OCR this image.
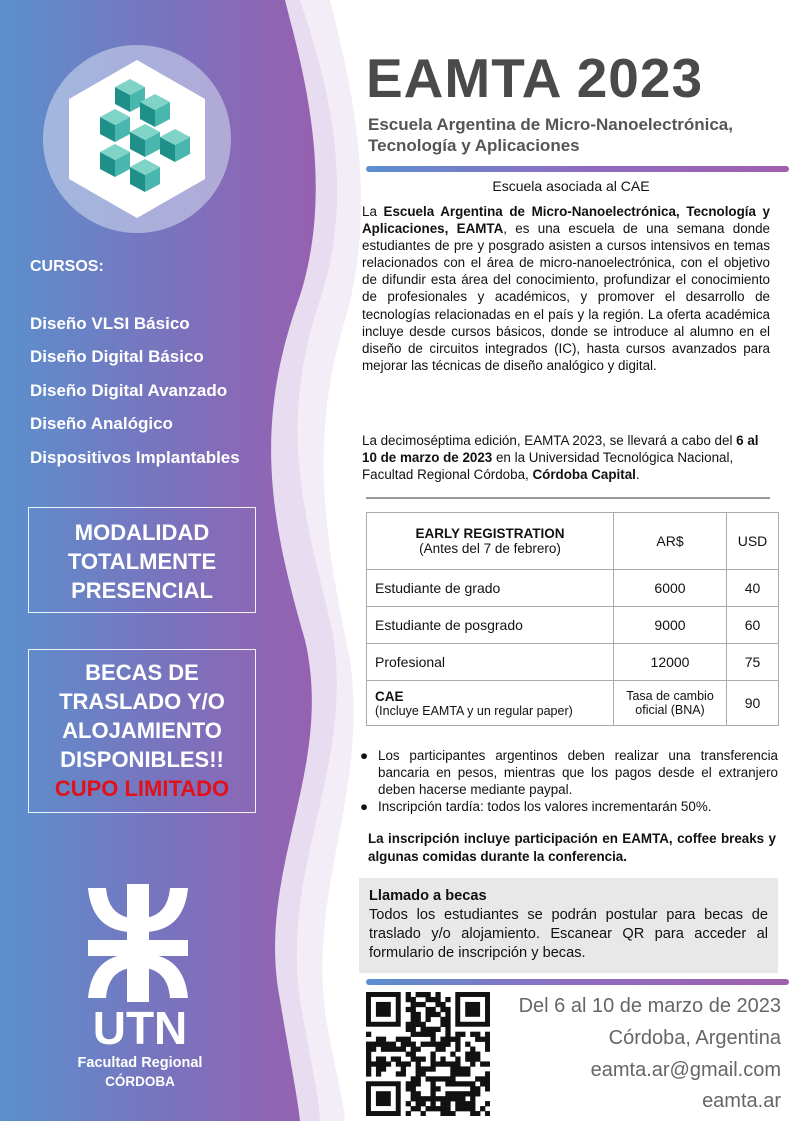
CURSOS:
Diseño VLSI Básico
Diseño Digital Básico
Diseño Digital Avanzado
Diseño Analógico
Dispositivos Implantables
MODALIDAD
TOTALMENTE
PRESENCIAL
BECAS DE
TRASLADO Y/O
ALOJAMIENTO
DISPONIBLES!!
CUPO LIMITADO
UTN
Facultad Regional
CÓRDOBA
EAMTA 2023
Escuela Argentina de Micro-Nanoelectrónica,
Tecnología y Aplicaciones
Escuela asociada al CAE
La Escuela Argentina de Micro-Nanoelectrónica, Tecnología y Aplicaciones, EAMTA, es una escuela de una semana donde estudiantes de pre y posgrado asisten a cursos intensivos en temas relacionados con el área de micro-nanoelectrónica, con el objetivo de difundir esta área del conocimiento, profundizar el conocimiento de profesionales y académicos, y promover el desarrollo de tecnologías relacionadas en el país y la región. La oferta académica incluye desde cursos básicos, donde se introduce al alumno en el diseño de circuitos integrados (IC), hasta cursos avanzados para mejorar las técnicas de diseño analógico y digital.
La decimoséptima edición, EAMTA 2023, se llevará a cabo del 6 al 10 de marzo de 2023 en la Universidad Tecnológica Nacional, Facultad Regional Córdoba, Córdoba Capital.
EARLY REGISTRATION
(Antes del 7 de febrero)	AR$	USD
Estudiante de grado	6000	40
Estudiante de posgrado	9000	60
Profesional	12000	75

CAE
(Incluye EAMTA y un regular paper)	Tasa de cambio oficial (BNA)	90
● Los participantes argentinos deben realizar una transferencia bancaria en pesos, mientras que los pagos desde el extranjero deben hacerse mediante paypal.
● Inscripción tardía: todos los valores incrementarán 50%.
La inscripción incluye participación en EAMTA, coffee breaks y algunas comidas durante la conferencia.
Llamado a becas
Todos los estudiantes se podrán postular para becas de traslado y/o alojamiento. Escanear QR para acceder al formulario de inscripción y becas.
Del 6 al 10 de marzo de 2023
Córdoba, Argentina
eamta.ar@gmail.com
eamta.ar
